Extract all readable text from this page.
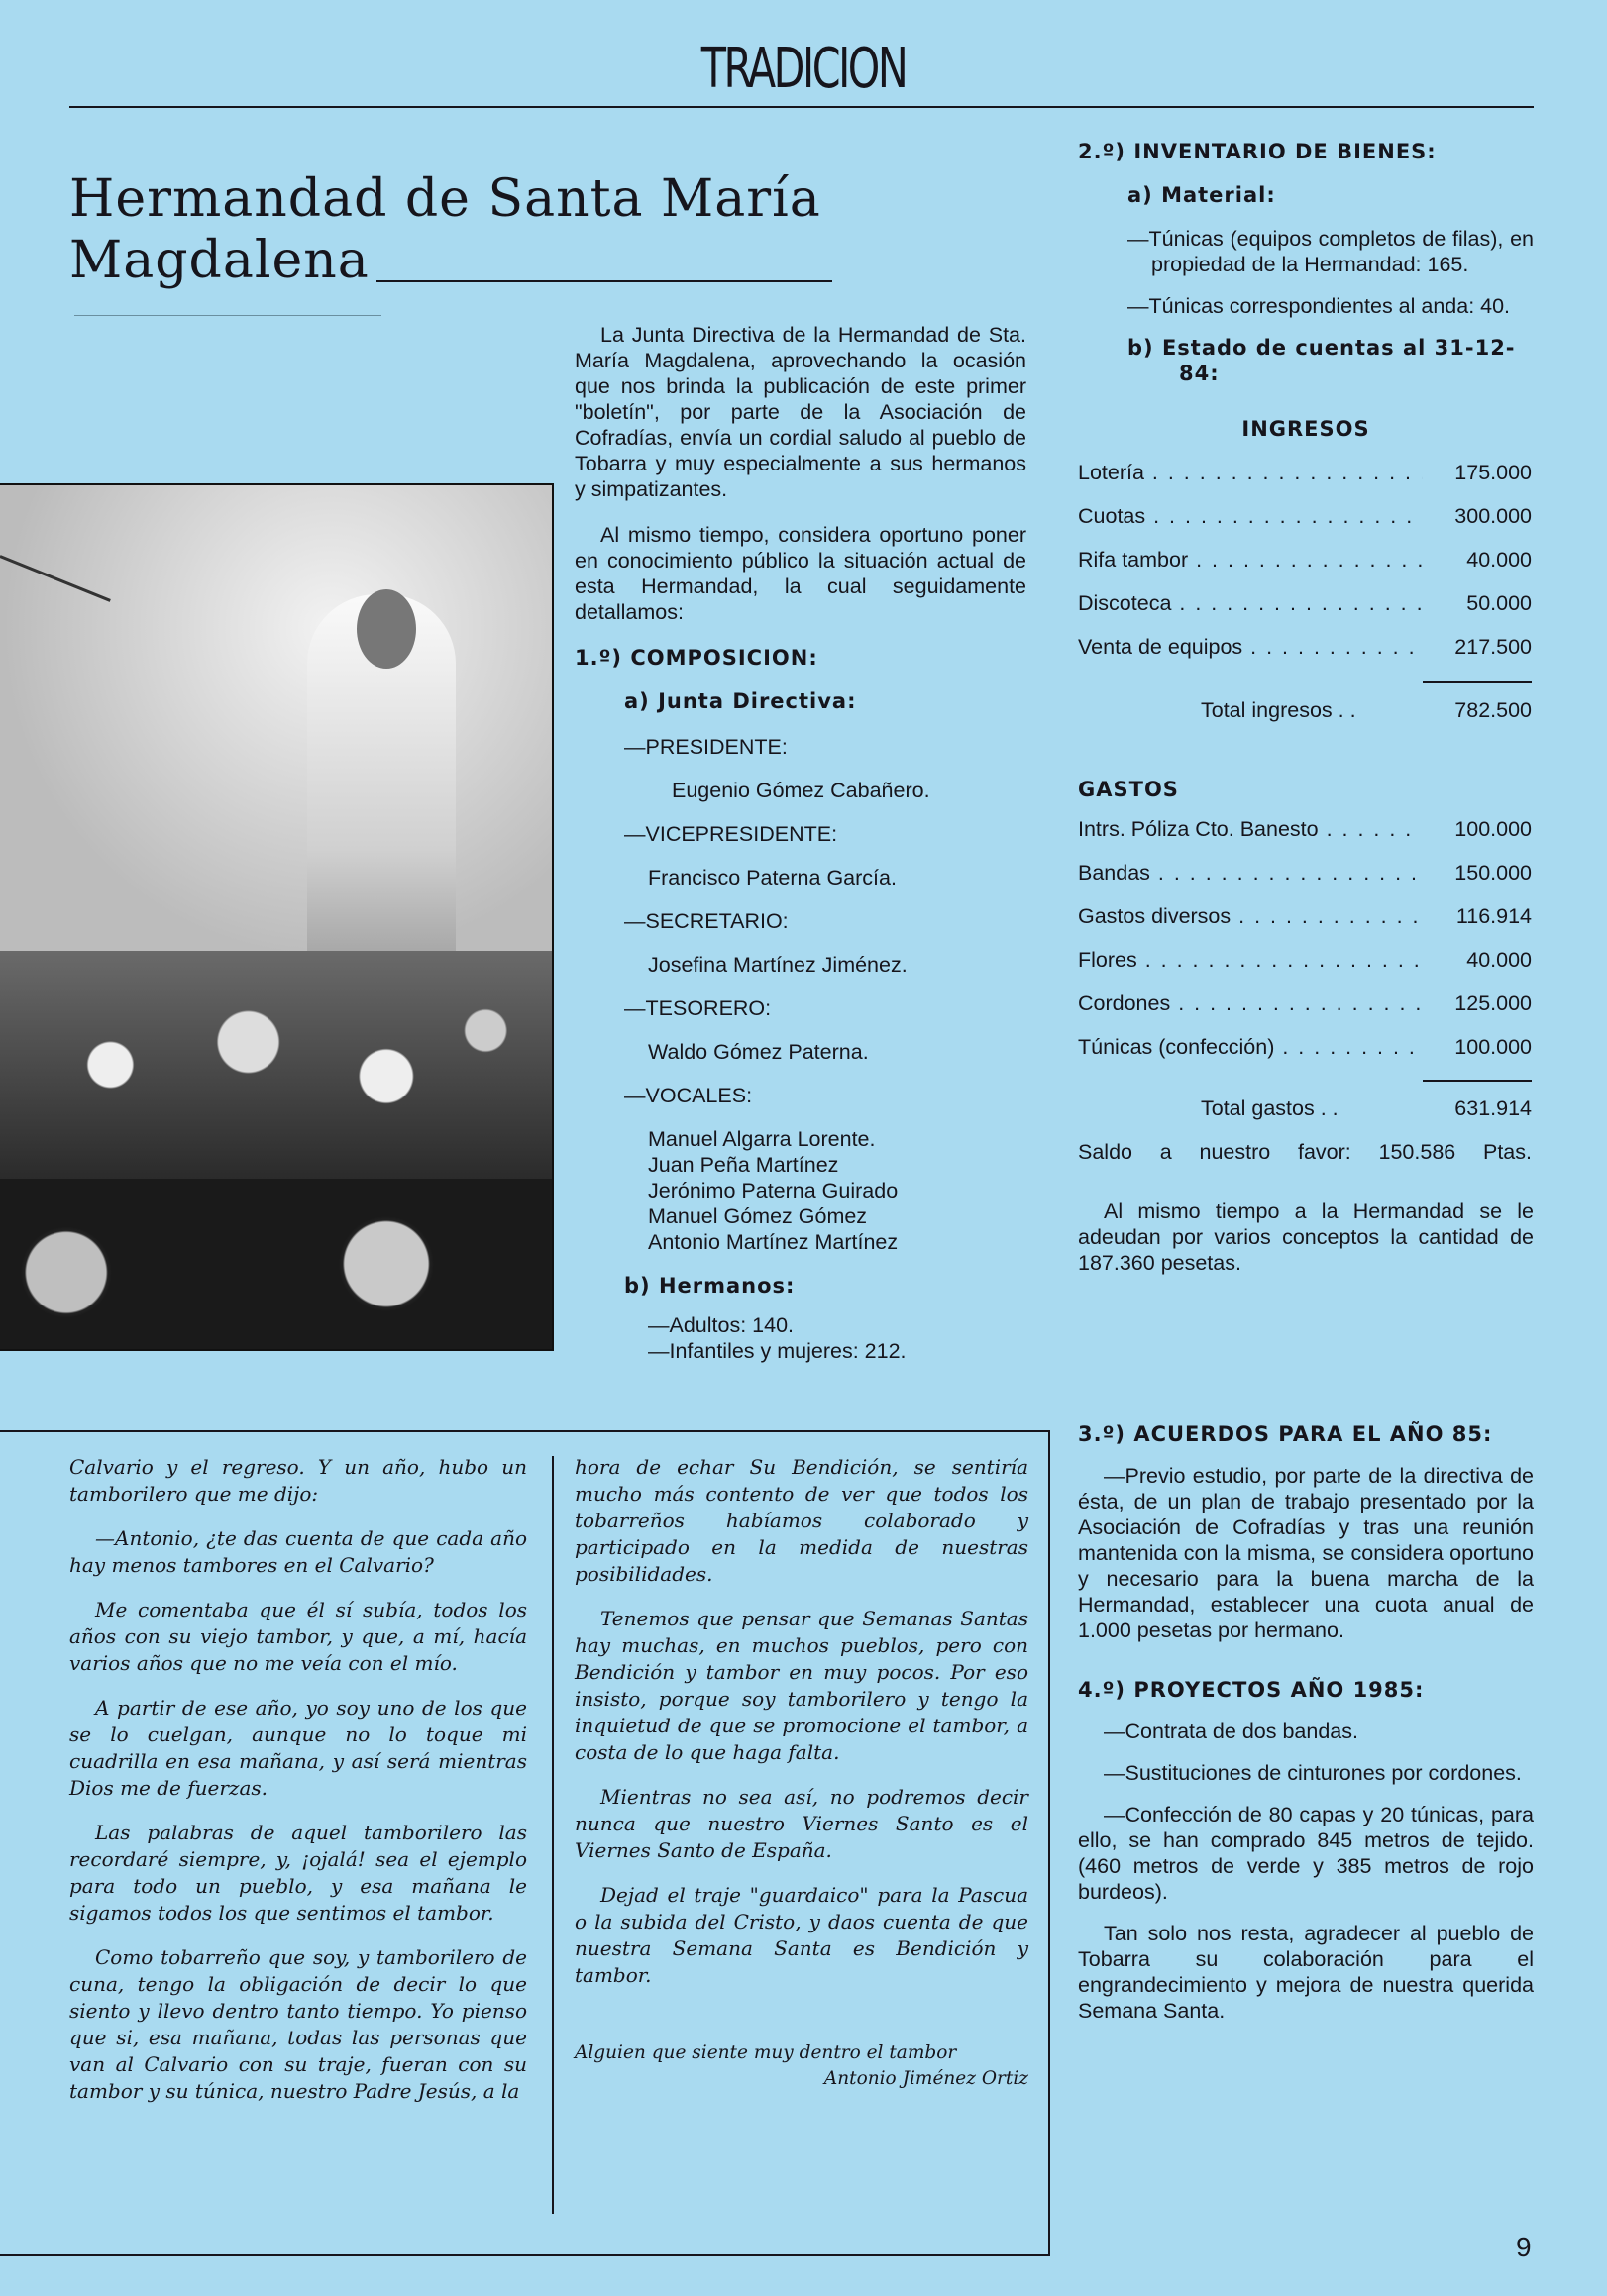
TRADICION
Hermandad de Santa María
Magdalena

La Junta Directiva de la Hermandad de Sta. María Magdalena, aprovechando la ocasión que nos brinda la publicación de este primer "boletín", por parte de la Asociación de Cofradías, envía un cordial saludo al pueblo de Tobarra y muy especialmente a sus hermanos y simpatizantes.

Al mismo tiempo, considera oportuno poner en conocimiento público la situación actual de esta Hermandad, la cual seguidamente detallamos:

1.º) COMPOSICION:
a) Junta Directiva:
—PRESIDENTE:
Eugenio Gómez Cabañero.
—VICEPRESIDENTE:
Francisco Paterna García.
—SECRETARIO:
Josefina Martínez Jiménez.
—TESORERO:
Waldo Gómez Paterna.
—VOCALES:
Manuel Algarra Lorente.
Juan Peña Martínez
Jerónimo Paterna Guirado
Manuel Gómez Gómez
Antonio Martínez Martínez
b) Hermanos:
—Adultos: 140.
—Infantiles y mujeres: 212.
2.º) INVENTARIO DE BIENES:
a) Material:

—Túnicas (equipos completos de filas), en propiedad de la Hermandad: 165.

—Túnicas correspondientes al anda: 40.

b) Estado de cuentas al 31-12-84:
INGRESOS
Lotería . . .	175.000
Cuotas . . .	300.000
Rifa tambor . . .	40.000
Discoteca . . .	50.000
Venta de equipos . . .	217.500
Total ingresos . .	782.500
GASTOS
Intrs. Póliza Cto. Banesto . . .	100.000
Bandas . . .	150.000
Gastos diversos . . .	116.914
Flores . . .	40.000
Cordones . . .	125.000
Túnicas (confección) . . .	100.000
Total gastos . .	631.914
Saldo a nuestro favor: 150.586 Ptas.

Al mismo tiempo a la Hermandad se le adeudan por varios conceptos la cantidad de 187.360 pesetas.

3.º) ACUERDOS PARA EL AÑO 85:

—Previo estudio, por parte de la directiva de ésta, de un plan de trabajo presentado por la Asociación de Cofradías y tras una reunión mantenida con la misma, se considera oportuno y necesario para la buena marcha de la Hermandad, establecer una cuota anual de 1.000 pesetas por hermano.

4.º) PROYECTOS AÑO 1985:

—Contrata de dos bandas.

—Sustituciones de cinturones por cordones.

—Confección de 80 capas y 20 túnicas, para ello, se han comprado 845 metros de tejido. (460 metros de verde y 385 metros de rojo burdeos).

Tan solo nos resta, agradecer al pueblo de Tobarra su colaboración para el engrandecimiento y mejora de nuestra querida Semana Santa.

Calvario y el regreso. Y un año, hubo un tamborilero que me dijo:

—Antonio, ¿te das cuenta de que cada año hay menos tambores en el Calvario?

Me comentaba que él sí subía, todos los años con su viejo tambor, y que, a mí, hacía varios años que no me veía con el mío.

A partir de ese año, yo soy uno de los que se lo cuelgan, aunque no lo toque mi cuadrilla en esa mañana, y así será mientras Dios me de fuerzas.

Las palabras de aquel tamborilero las recordaré siempre, y, ¡ojalá! sea el ejemplo para todo un pueblo, y esa mañana le sigamos todos los que sentimos el tambor.

Como tobarreño que soy, y tamborilero de cuna, tengo la obligación de decir lo que siento y llevo dentro tanto tiempo. Yo pienso que si, esa mañana, todas las personas que van al Calvario con su traje, fueran con su tambor y su túnica, nuestro Padre Jesús, a la

hora de echar Su Bendición, se sentiría mucho más contento de ver que todos los tobarreños habíamos colaborado y participado en la medida de nuestras posibilidades.

Tenemos que pensar que Semanas Santas hay muchas, en muchos pueblos, pero con Bendición y tambor en muy pocos. Por eso insisto, porque soy tamborilero y tengo la inquietud de que se promocione el tambor, a costa de lo que haga falta.

Mientras no sea así, no podremos decir nunca que nuestro Viernes Santo es el Viernes Santo de España.

Dejad el traje "guardaico" para la Pascua o la subida del Cristo, y daos cuenta de que nuestra Semana Santa es Bendición y tambor.

Alguien que siente muy dentro el tambor
Antonio Jiménez Ortiz
9
